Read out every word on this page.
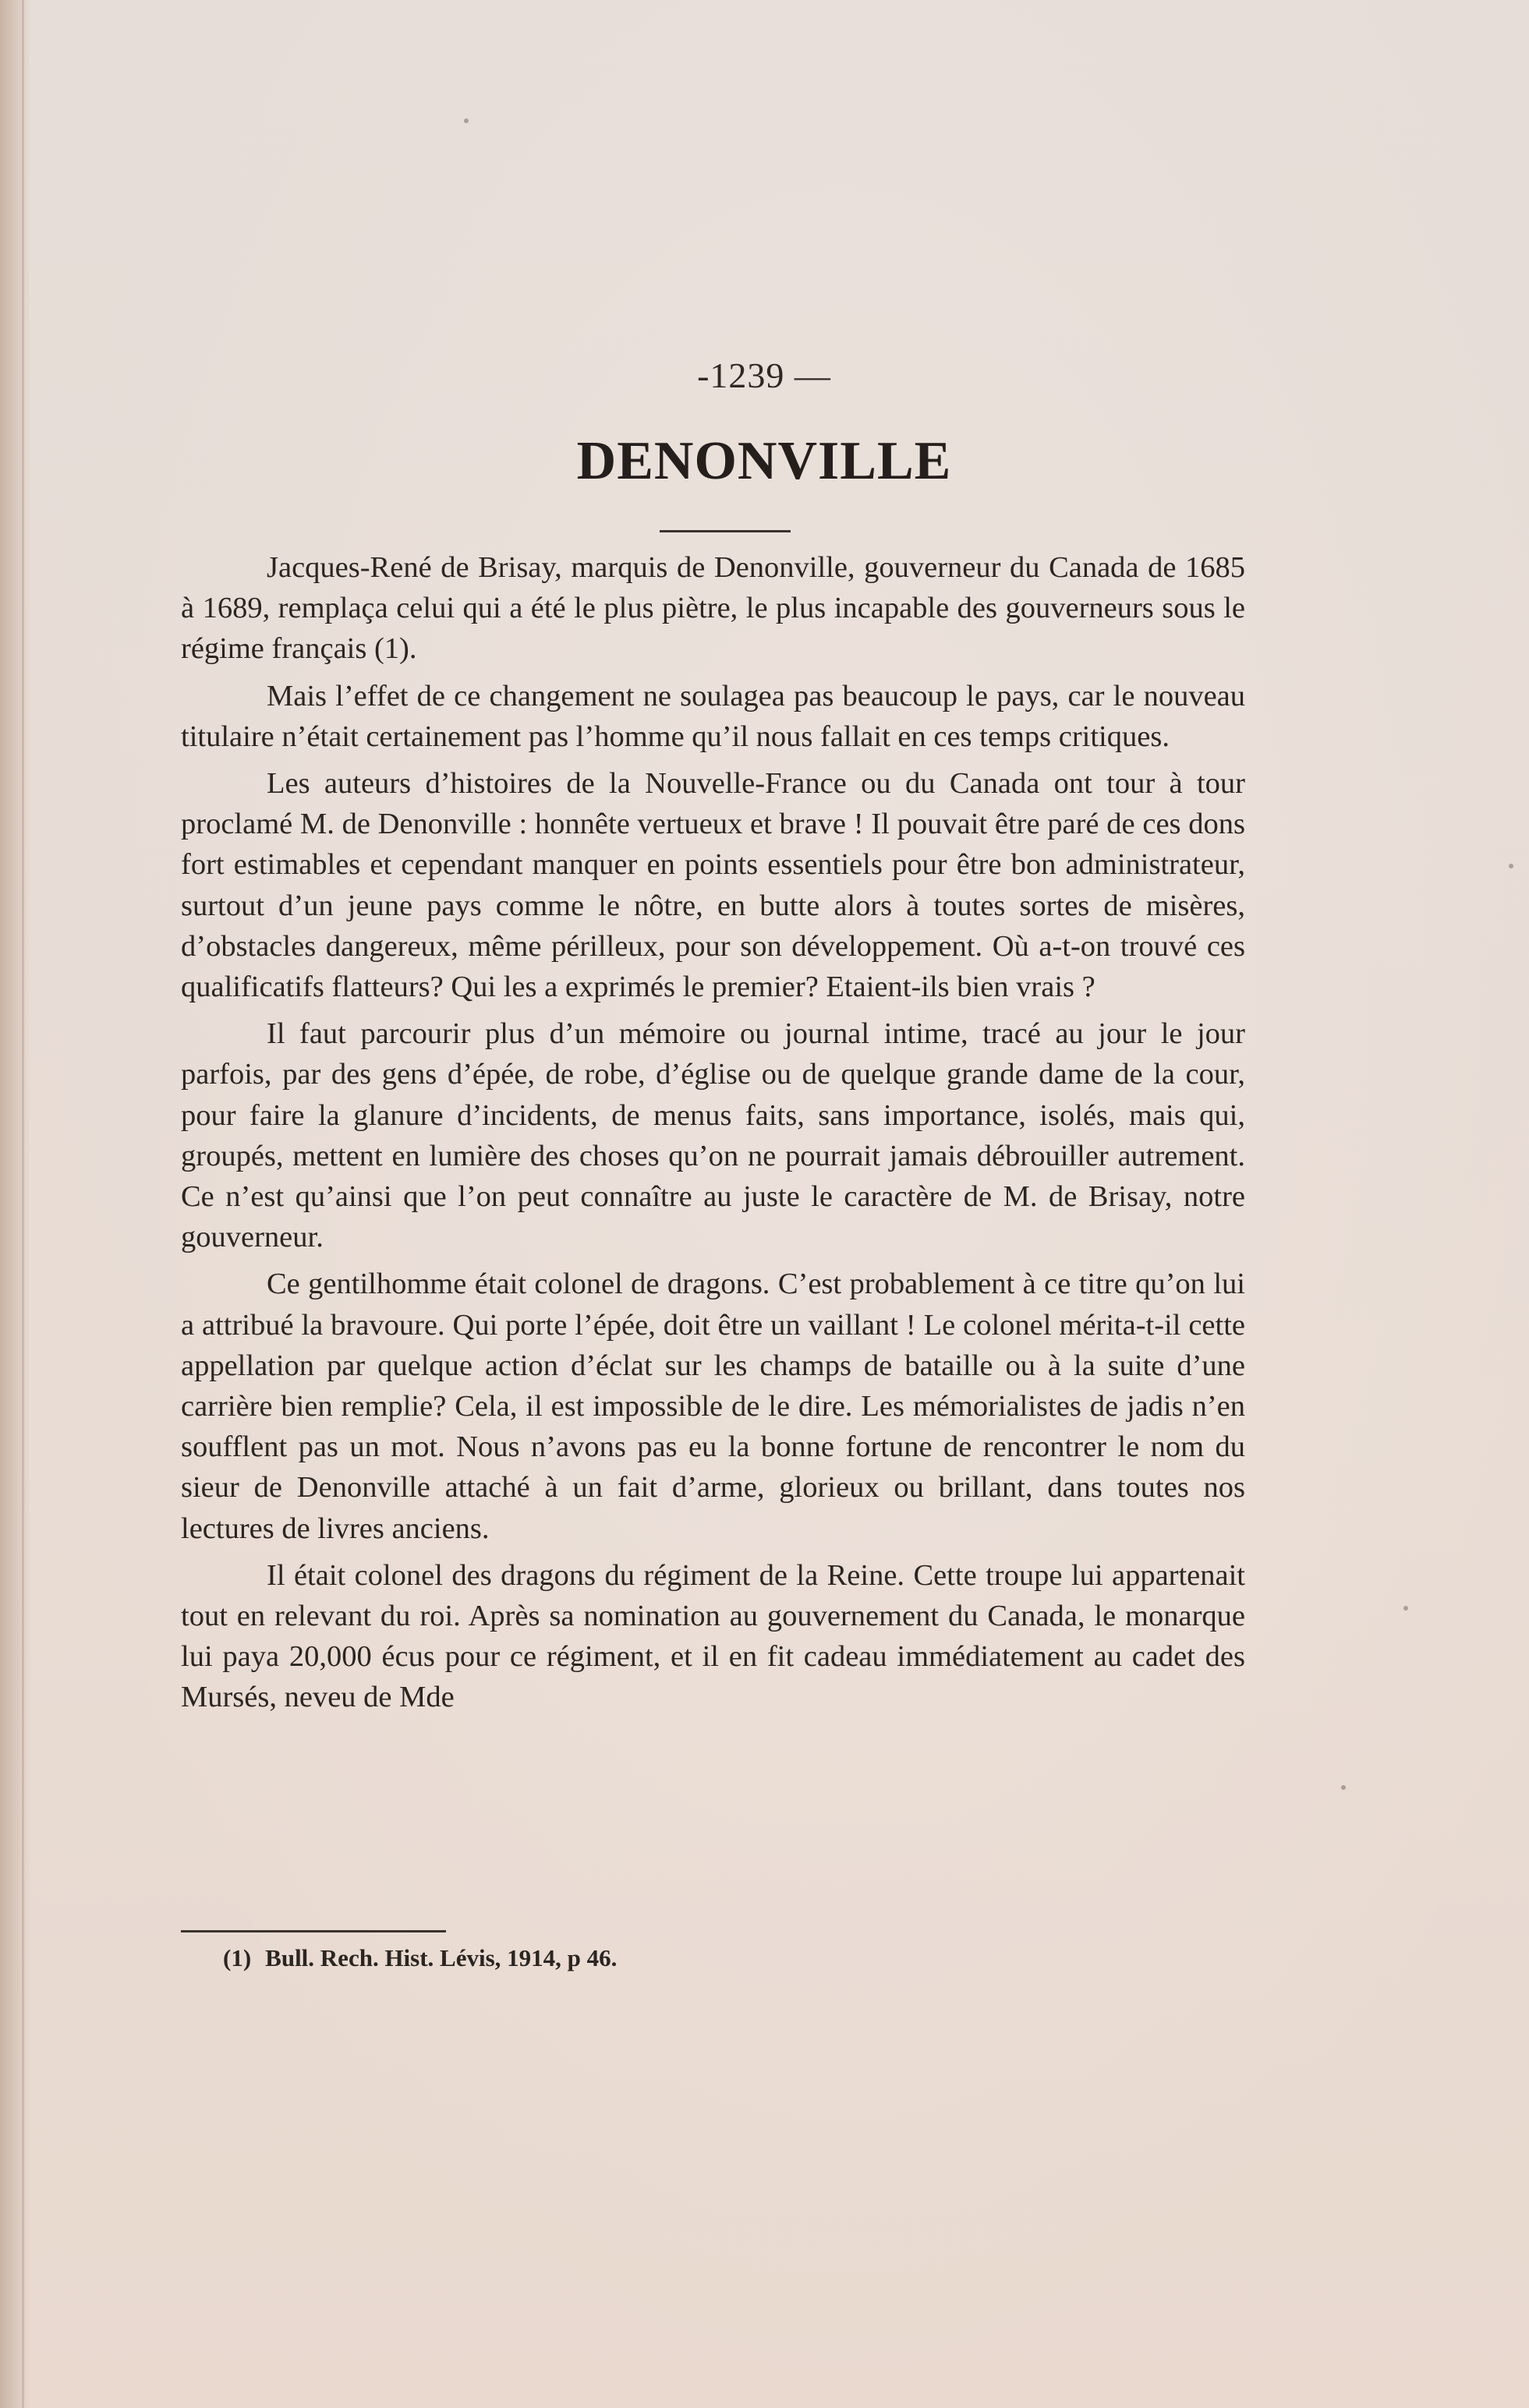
-1239 —
DENONVILLE

Jacques-René de Brisay, marquis de Denonville, gouverneur du Canada de 1685 à 1689, remplaça celui qui a été le plus piètre, le plus incapable des gouverneurs sous le régime français (1).

Mais l’effet de ce changement ne soulagea pas beaucoup le pays, car le nouveau titulaire n’était certainement pas l’homme qu’il nous fallait en ces temps critiques.

Les auteurs d’histoires de la Nouvelle-France ou du Canada ont tour à tour proclamé M. de Denonville : honnête vertueux et brave ! Il pouvait être paré de ces dons fort estimables et cependant manquer en points essentiels pour être bon administrateur, surtout d’un jeune pays comme le nôtre, en butte alors à toutes sortes de misères, d’obstacles dangereux, même périlleux, pour son développement. Où a-t-on trouvé ces qualificatifs flatteurs? Qui les a exprimés le premier? Etaient-ils bien vrais ?

Il faut parcourir plus d’un mémoire ou journal intime, tracé au jour le jour parfois, par des gens d’épée, de robe, d’église ou de quelque grande dame de la cour, pour faire la glanure d’incidents, de menus faits, sans importance, isolés, mais qui, groupés, mettent en lumière des choses qu’on ne pourrait jamais débrouiller autrement. Ce n’est qu’ainsi que l’on peut connaître au juste le caractère de M. de Brisay, notre gouverneur.

Ce gentilhomme était colonel de dragons. C’est probablement à ce titre qu’on lui a attribué la bravoure. Qui porte l’épée, doit être un vaillant ! Le colonel mérita-t-il cette appellation par quelque action d’éclat sur les champs de bataille ou à la suite d’une carrière bien remplie? Cela, il est impossible de le dire. Les mémorialistes de jadis n’en soufflent pas un mot. Nous n’avons pas eu la bonne fortune de rencontrer le nom du sieur de Denonville attaché à un fait d’arme, glorieux ou brillant, dans toutes nos lectures de livres anciens.

Il était colonel des dragons du régiment de la Reine. Cette troupe lui appartenait tout en relevant du roi. Après sa nomination au gouvernement du Canada, le monarque lui paya 20,000 écus pour ce régiment, et il en fit cadeau immédiatement au cadet des Mursés, neveu de Mde

(1) Bull. Rech. Hist. Lévis, 1914, p 46.
